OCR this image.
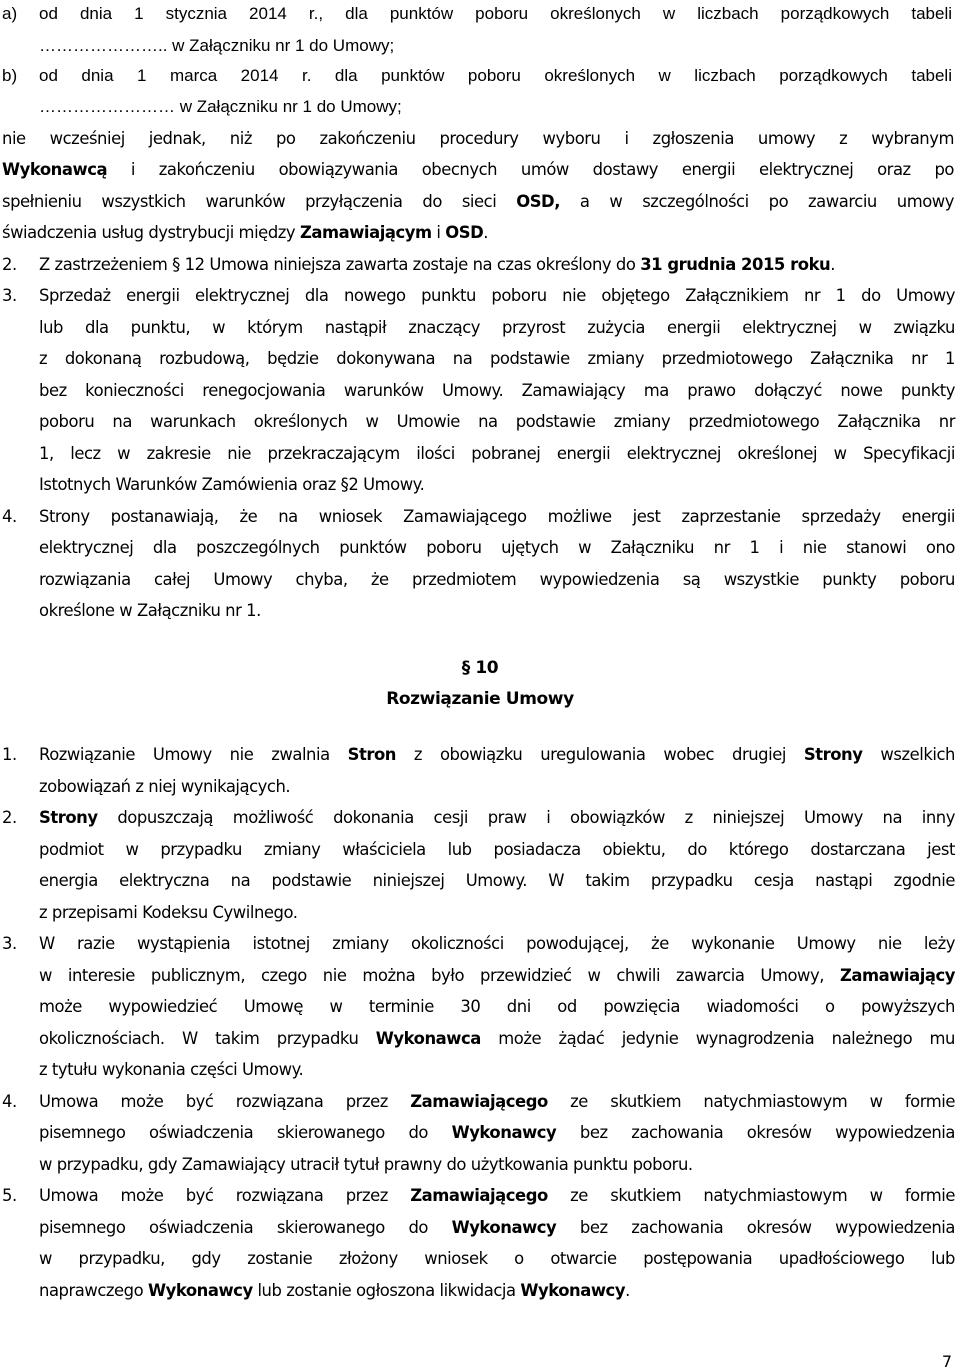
a) od dnia 1 stycznia 2014 r., dla punktów poboru określonych w liczbach porządkowych tabeli
………………….. w Załączniku nr 1 do Umowy;
b) od dnia 1 marca 2014 r. dla punktów poboru określonych w liczbach porządkowych tabeli
…………………… w Załączniku nr 1 do Umowy;
nie wcześniej jednak, niż po zakończeniu procedury wyboru i zgłoszenia umowy z wybranym
Wykonawcą i zakończeniu obowiązywania obecnych umów dostawy energii elektrycznej oraz po
spełnieniu wszystkich warunków przyłączenia do sieci OSD, a w szczególności po zawarciu umowy
świadczenia usług dystrybucji między Zamawiającym i OSD.
2. Z zastrzeżeniem § 12 Umowa niniejsza zawarta zostaje na czas określony do 31 grudnia 2015 roku.
3. Sprzedaż energii elektrycznej dla nowego punktu poboru nie objętego Załącznikiem nr 1 do Umowy
lub dla punktu, w którym nastąpił znaczący przyrost zużycia energii elektrycznej w związku
z dokonaną rozbudową, będzie dokonywana na podstawie zmiany przedmiotowego Załącznika nr 1
bez konieczności renegocjowania warunków Umowy. Zamawiający ma prawo dołączyć nowe punkty
poboru na warunkach określonych w Umowie na podstawie zmiany przedmiotowego Załącznika nr
1, lecz w zakresie nie przekraczającym ilości pobranej energii elektrycznej określonej w Specyfikacji
Istotnych Warunków Zamówienia oraz §2 Umowy.
4. Strony postanawiają, że na wniosek Zamawiającego możliwe jest zaprzestanie sprzedaży energii
elektrycznej dla poszczególnych punktów poboru ujętych w Załączniku nr 1 i nie stanowi ono
rozwiązania całej Umowy chyba, że przedmiotem wypowiedzenia są wszystkie punkty poboru
określone w Załączniku nr 1.
§ 10
Rozwiązanie Umowy
1. Rozwiązanie Umowy nie zwalnia Stron z obowiązku uregulowania wobec drugiej Strony wszelkich
zobowiązań z niej wynikających.
2. Strony dopuszczają możliwość dokonania cesji praw i obowiązków z niniejszej Umowy na inny
podmiot w przypadku zmiany właściciela lub posiadacza obiektu, do którego dostarczana jest
energia elektryczna na podstawie niniejszej Umowy. W takim przypadku cesja nastąpi zgodnie
z przepisami Kodeksu Cywilnego.
3. W razie wystąpienia istotnej zmiany okoliczności powodującej, że wykonanie Umowy nie leży
w interesie publicznym, czego nie można było przewidzieć w chwili zawarcia Umowy, Zamawiający
może wypowiedzieć Umowę w terminie 30 dni od powzięcia wiadomości o powyższych
okolicznościach. W takim przypadku Wykonawca może żądać jedynie wynagrodzenia należnego mu
z tytułu wykonania części Umowy.
4. Umowa może być rozwiązana przez Zamawiającego ze skutkiem natychmiastowym w formie
pisemnego oświadczenia skierowanego do Wykonawcy bez zachowania okresów wypowiedzenia
w przypadku, gdy Zamawiający utracił tytuł prawny do użytkowania punktu poboru.
5. Umowa może być rozwiązana przez Zamawiającego ze skutkiem natychmiastowym w formie
pisemnego oświadczenia skierowanego do Wykonawcy bez zachowania okresów wypowiedzenia
w przypadku, gdy zostanie złożony wniosek o otwarcie postępowania upadłościowego lub
naprawczego Wykonawcy lub zostanie ogłoszona likwidacja Wykonawcy.
7
